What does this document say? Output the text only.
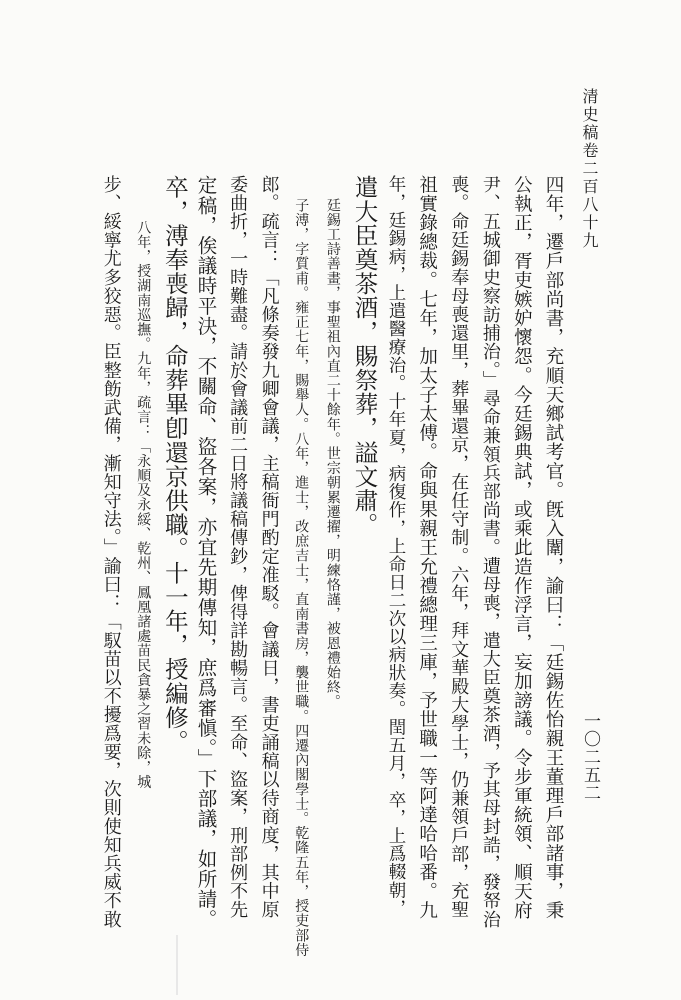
清史稿卷二百八十九
一〇二五二
四年，遷戶部尚書，充順天鄉試考官。旣入闈，諭曰：「廷錫佐怡親王董理戶部諸事，秉
公執正，胥吏嫉妒懷怨。今廷錫典試，或乘此造作浮言，妄加謗議。令步軍統領、順天府
尹、五城御史察訪捕治。」尋命兼領兵部尚書。遭母喪，遣大臣奠茶酒，予其母封誥，發帑治
喪。命廷錫奉母喪還里，葬畢還京，在任守制。六年，拜文華殿大學士，仍兼領戶部，充聖
祖實錄總裁。七年，加太子太傅。命與果親王允禮總理三庫，予世職一等阿達哈哈番。九
年，廷錫病，上遣醫療治。十年夏，病復作，上命日二次以病狀奏。閏五月，卒，上爲輟朝，
遣大臣奠茶酒，賜祭葬，謚文肅。
廷錫工詩善畫，事聖祖內直二十餘年。世宗朝累遷擢，明練恪謹，被恩禮始終。
子溥，字質甫。雍正七年，賜舉人。八年，進士，改庶吉士，直南書房，襲世職。四遷內閣學士。乾隆五年，授吏部侍
郎。疏言：「凡條奏發九卿會議，主稿衙門酌定准駁。會議日，書吏誦稿以待商度，其中原
委曲折，一時難盡。請於會議前二日將議稿傳鈔，俾得詳勘暢言。至命、盜案，刑部例不先
定稿，俟議時平決，不關命、盜各案，亦宜先期傳知，庶爲審愼。」下部議，如所請。
卒，溥奉喪歸，命葬畢卽還京供職。十一年，授編修。
八年，授湖南巡撫。九年，疏言：「永順及永綏、乾州、鳳凰諸處苗民貪暴之習未除，城
步、綏寧尤多狡惡。臣整飭武備，漸知守法。」諭曰：「馭苗以不擾爲要，次則使知兵威不敢
